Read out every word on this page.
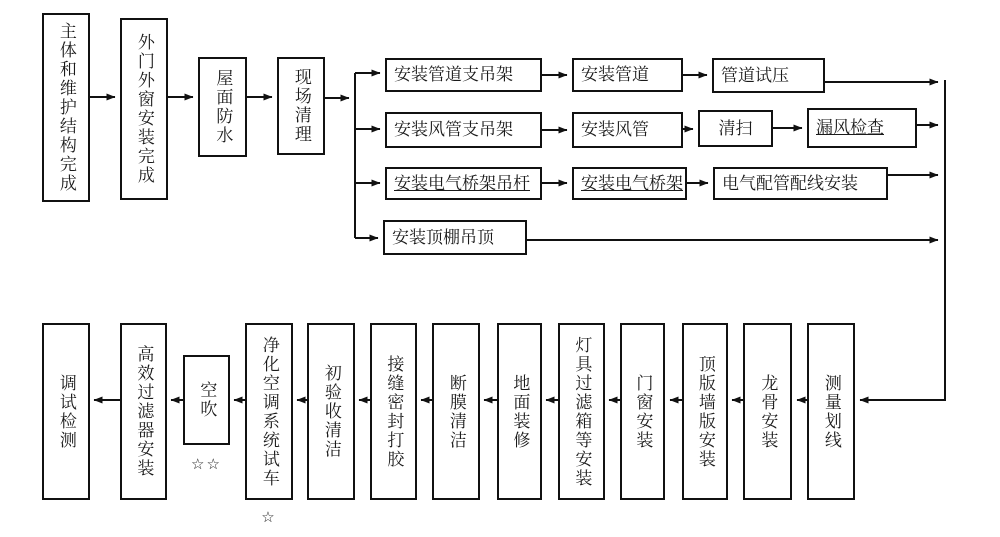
主体和维护结构完成	外门外窗安装完成	屋面防水	现场清理	安装管道支吊架	安装管道	管道试压
安装风管支吊架	安装风管	清扫	漏风检查
安装电气桥架吊杆	安装电气桥架	电气配管配线安装
安装顶棚吊顶
测量划线
龙骨安装
顶版墙版安装
门窗安装
灯具过滤箱等安装
地面装修
断膜清洁
接缝密封打胶
初验收清洁
净化空调系统试车
空吹
高效过滤器安装
调试检测
☆☆
☆
